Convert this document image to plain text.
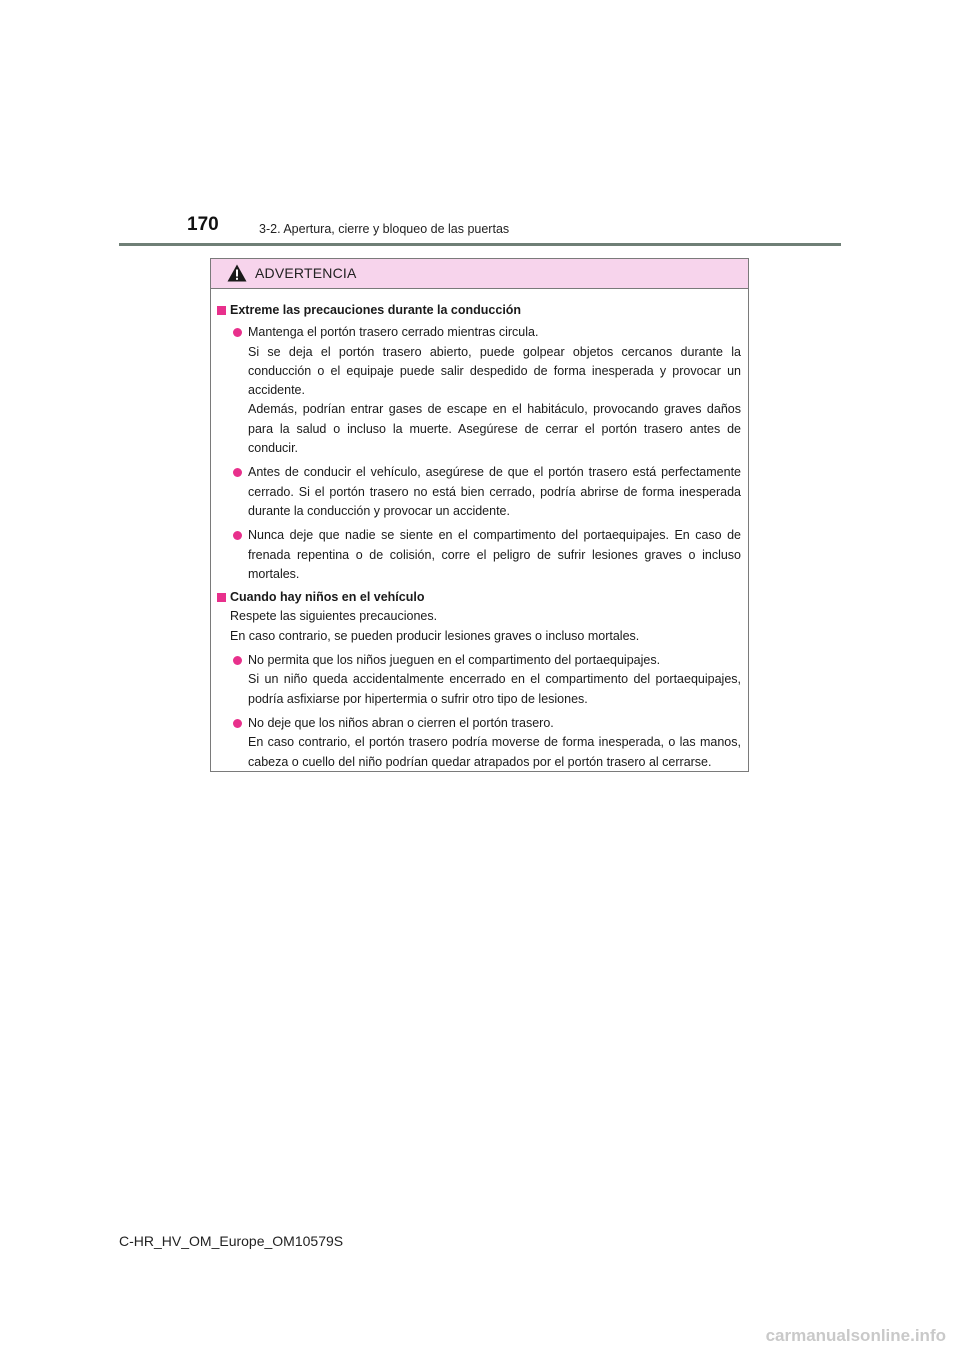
170	3-2. Apertura, cierre y bloqueo de las puertas
ADVERTENCIA
Extreme las precauciones durante la conducción

Mantenga el portón trasero cerrado mientras circula.

Si se deja el portón trasero abierto, puede golpear objetos cercanos durante la conducción o el equipaje puede salir despedido de forma inesperada y provocar un accidente.

Además, podrían entrar gases de escape en el habitáculo, provocando graves daños para la salud o incluso la muerte. Asegúrese de cerrar el portón trasero antes de conducir.

Antes de conducir el vehículo, asegúrese de que el portón trasero está perfectamente cerrado. Si el portón trasero no está bien cerrado, podría abrirse de forma inesperada durante la conducción y provocar un accidente.

Nunca deje que nadie se siente en el compartimento del portaequipajes. En caso de frenada repentina o de colisión, corre el peligro de sufrir lesiones graves o incluso mortales.

Cuando hay niños en el vehículo
Respete las siguientes precauciones.
En caso contrario, se pueden producir lesiones graves o incluso mortales.

No permita que los niños jueguen en el compartimento del portaequipajes.

Si un niño queda accidentalmente encerrado en el compartimento del portaequipajes, podría asfixiarse por hipertermia o sufrir otro tipo de lesiones.

No deje que los niños abran o cierren el portón trasero.

En caso contrario, el portón trasero podría moverse de forma inesperada, o las manos, cabeza o cuello del niño podrían quedar atrapados por el portón trasero al cerrarse.

C-HR_HV_OM_Europe_OM10579S
carmanualsonline.info
